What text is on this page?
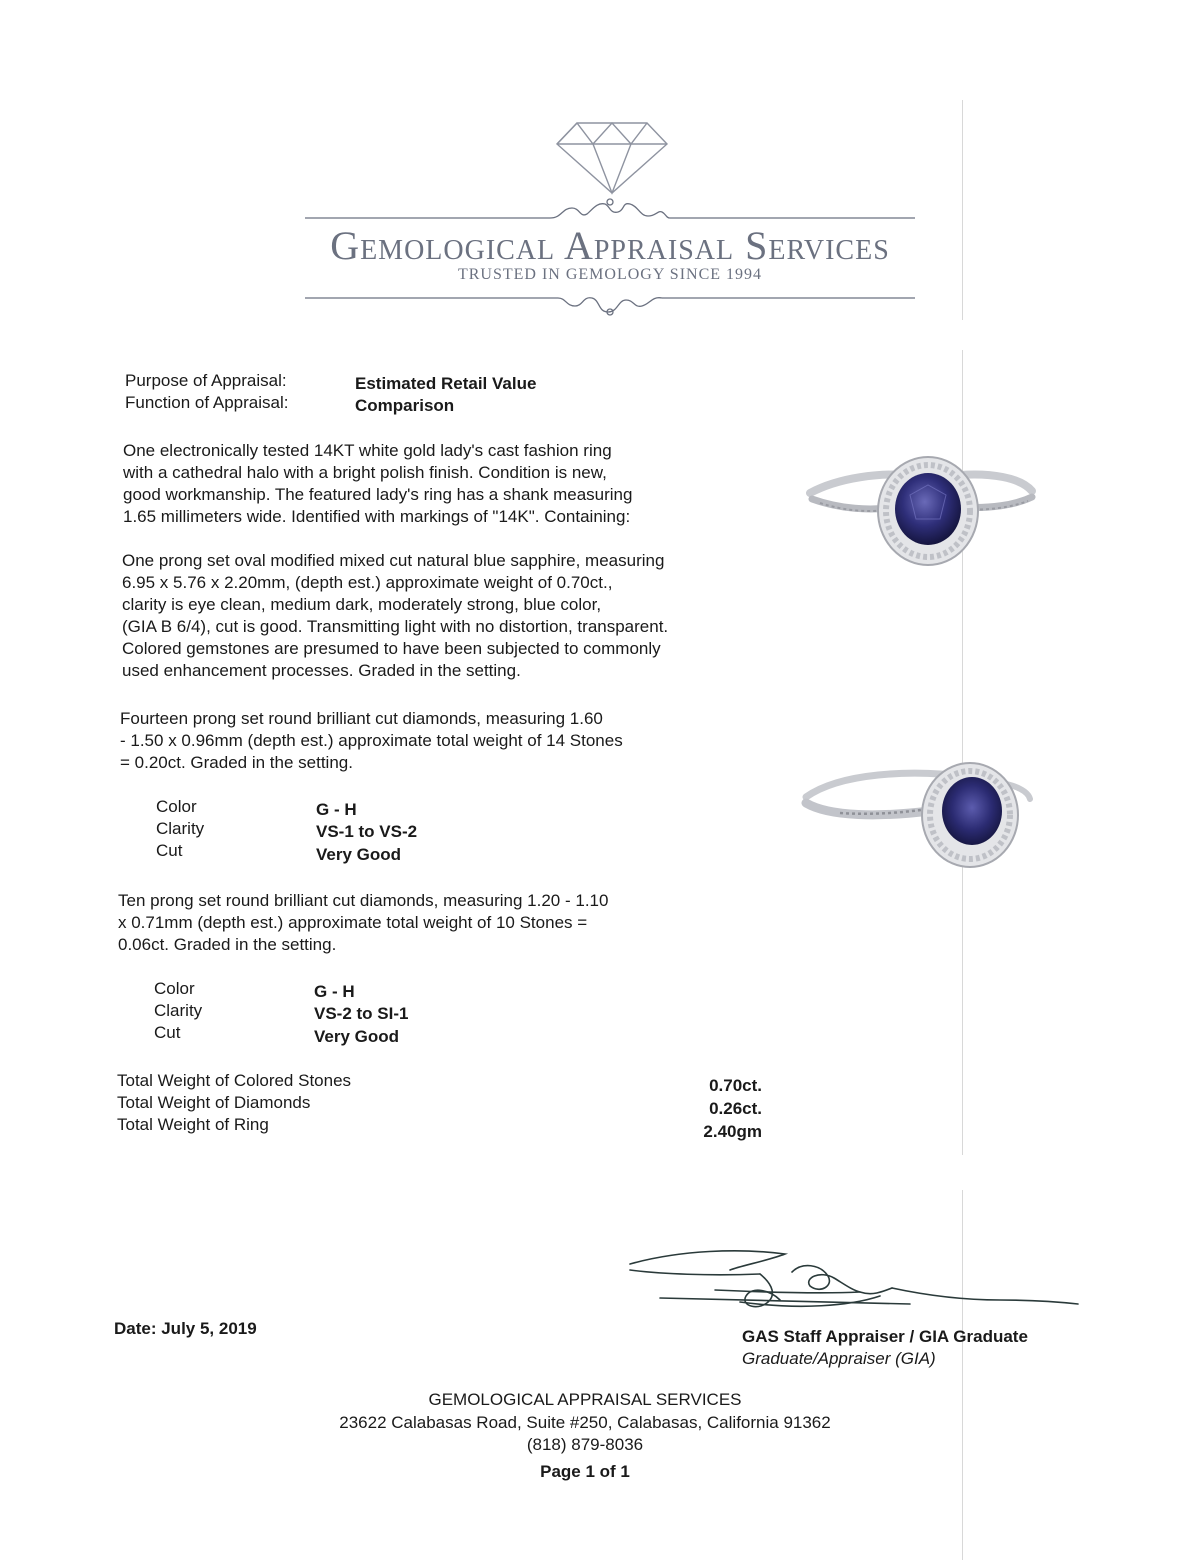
Gemological Appraisal Services
TRUSTED IN GEMOLOGY SINCE 1994
Purpose of Appraisal:	Estimated Retail Value
Function of Appraisal:	Comparison
One electronically tested 14KT white gold lady's cast fashion ring
with a cathedral halo with a bright polish finish. Condition is new,
good workmanship. The featured lady's ring has a shank measuring
1.65 millimeters wide. Identified with markings of "14K". Containing:
One prong set oval modified mixed cut natural blue sapphire, measuring
6.95 x 5.76 x 2.20mm, (depth est.) approximate weight of 0.70ct.,
clarity is eye clean, medium dark, moderately strong, blue color,
(GIA B 6/4), cut is good. Transmitting light with no distortion, transparent.
Colored gemstones are presumed to have been subjected to commonly
used enhancement processes. Graded in the setting.
Fourteen prong set round brilliant cut diamonds, measuring 1.60
- 1.50 x 0.96mm (depth est.) approximate total weight of 14 Stones
= 0.20ct. Graded in the setting.
Color	G - H
Clarity	VS-1 to VS-2
Cut	Very Good
Ten prong set round brilliant cut diamonds, measuring 1.20 - 1.10
x 0.71mm (depth est.) approximate total weight of 10 Stones =
0.06ct. Graded in the setting.
Color	G - H
Clarity	VS-2 to SI-1
Cut	Very Good
Total Weight of Colored Stones	0.70ct.
Total Weight of Diamonds	0.26ct.
Total Weight of Ring	2.40gm
Date: July 5, 2019	GAS Staff Appraiser / GIA Graduate
Graduate/Appraiser (GIA)
GEMOLOGICAL APPRAISAL SERVICES
23622 Calabasas Road, Suite #250, Calabasas, California 91362
(818) 879-8036
Page 1 of 1
